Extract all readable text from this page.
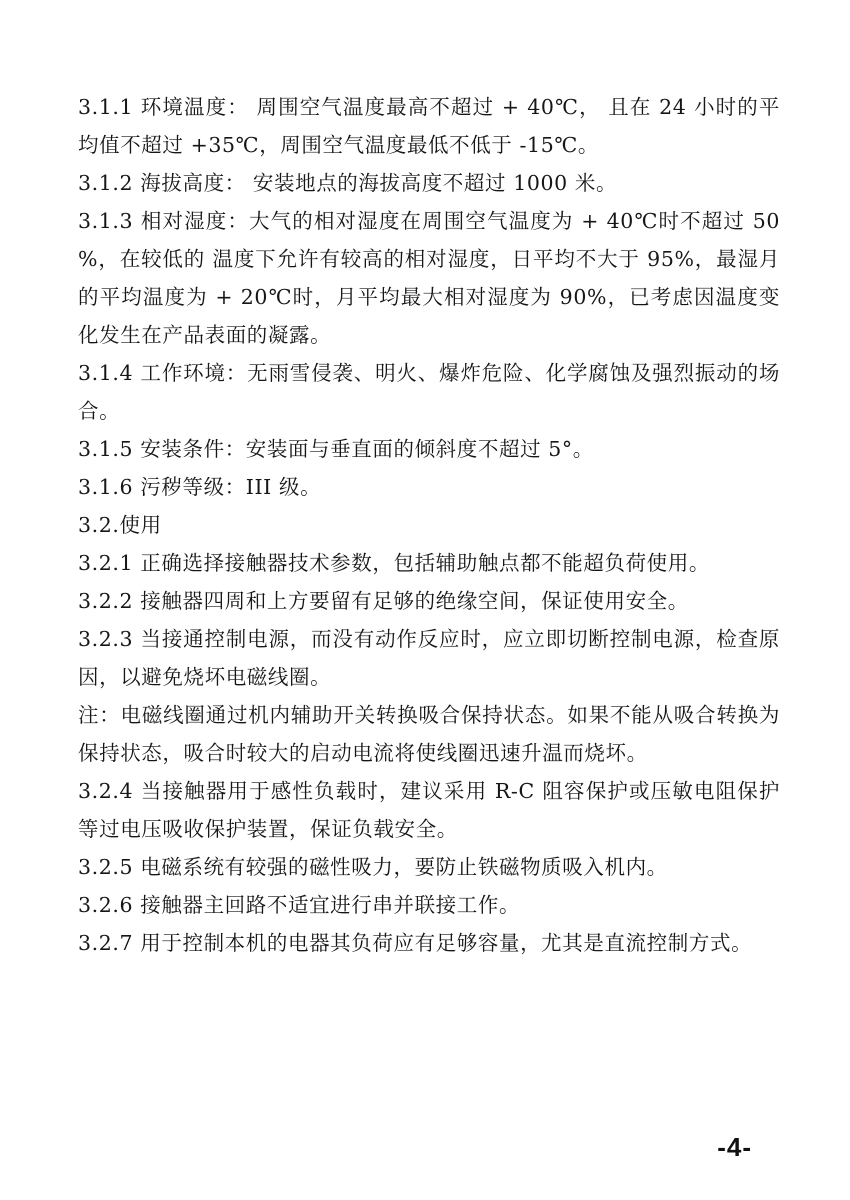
3.1.1 环境温度： 周围空气温度最高不超过 + 40℃， 且在 24 小时的平均值不超过 +35℃，周围空气温度最低不低于 -15℃。

3.1.2 海拔高度： 安装地点的海拔高度不超过 1000 米。

3.1.3 相对湿度：大气的相对湿度在周围空气温度为 + 40℃时不超过 50%，在较低的 温度下允许有较高的相对湿度，日平均不大于 95%，最湿月的平均温度为 + 20℃时，月平均最大相对湿度为 90%，已考虑因温度变化发生在产品表面的凝露。

3.1.4 工作环境：无雨雪侵袭、明火、爆炸危险、化学腐蚀及强烈振动的场合。

3.1.5 安装条件：安装面与垂直面的倾斜度不超过 5°。

3.1.6 污秽等级：III 级。

3.2.使用

3.2.1 正确选择接触器技术参数，包括辅助触点都不能超负荷使用。

3.2.2 接触器四周和上方要留有足够的绝缘空间，保证使用安全。

3.2.3 当接通控制电源，而没有动作反应时，应立即切断控制电源，检查原因，以避免烧坏电磁线圈。

注：电磁线圈通过机内辅助开关转换吸合保持状态。如果不能从吸合转换为保持状态，吸合时较大的启动电流将使线圈迅速升温而烧坏。

3.2.4 当接触器用于感性负载时，建议采用 R-C 阻容保护或压敏电阻保护等过电压吸收保护装置，保证负载安全。

3.2.5 电磁系统有较强的磁性吸力，要防止铁磁物质吸入机内。

3.2.6 接触器主回路不适宜进行串并联接工作。

3.2.7 用于控制本机的电器其负荷应有足够容量，尤其是直流控制方式。

-4-
